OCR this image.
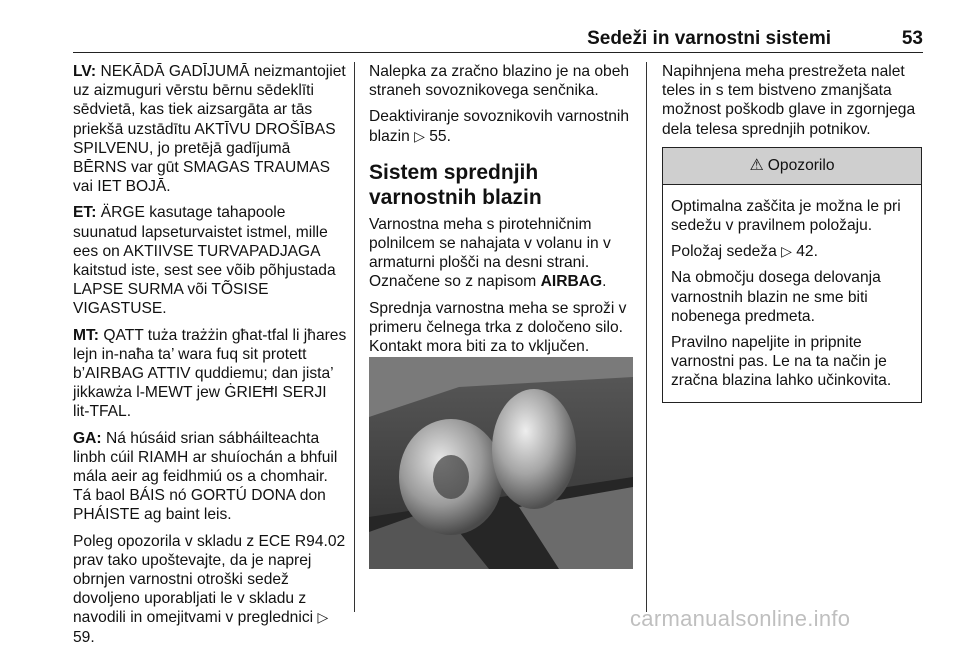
Sedeži in varnostni sistemi	53

LV: NEKĀDĀ GADĪJUMĀ neizmantojiet uz aizmuguri vērstu bērnu sēdeklīti sēdvietā, kas tiek aizsargāta ar tās priekšā uzstādītu AKTĪVU DROŠĪBAS SPILVENU, jo pretējā gadījumā BĒRNS var gūt SMAGAS TRAUMAS vai IET BOJĀ.

ET: ÄRGE kasutage tahapoole suunatud lapseturvaistet istmel, mille ees on AKTIIVSE TURVAPADJAGA kaitstud iste, sest see võib põhjustada LAPSE SURMA või TÕSISE VIGASTUSE.

MT: QATT tuża trażżin għat-tfal li jħares lejn in-naħa ta’ wara fuq sit protett b’AIRBAG ATTIV quddiemu; dan jista’ jikkawża l-MEWT jew ĠRIEĦI SERJI lit-TFAL.

GA: Ná húsáid srian sábháilteachta linbh cúil RIAMH ar shuíochán a bhfuil mála aeir ag feidhmiú os a chomhair. Tá baol BÁIS nó GORTÚ DONA don PHÁISTE ag baint leis.

Poleg opozorila v skladu z ECE R94.02 prav tako upoštevajte, da je naprej obrnjen varnostni otroški sedež dovoljeno uporabljati le v skladu z navodili in omejitvami v preglednici ▷ 59.

Nalepka za zračno blazino je na obeh straneh sovoznikovega senčnika.

Deaktiviranje sovoznikovih varnostnih blazin ▷ 55.

Sistem sprednjih varnostnih blazin

Varnostna meha s pirotehničnim polnilcem se nahajata v volanu in v armaturni plošči na desni strani. Označene so z napisom AIRBAG.

Sprednja varnostna meha se sproži v primeru čelnega trka z določeno silo. Kontakt mora biti za to vključen.

Napihnjena meha prestrežeta nalet teles in s tem bistveno zmanjšata možnost poškodb glave in zgornjega dela telesa sprednjih potnikov.

⚠ Opozorilo

Optimalna zaščita je možna le pri sedežu v pravilnem položaju.

Položaj sedeža ▷ 42.

Na območju dosega delovanja varnostnih blazin ne sme biti nobenega predmeta.

Pravilno napeljite in pripnite varnostni pas. Le na ta način je zračna blazina lahko učinkovita.

carmanualsonline.info
